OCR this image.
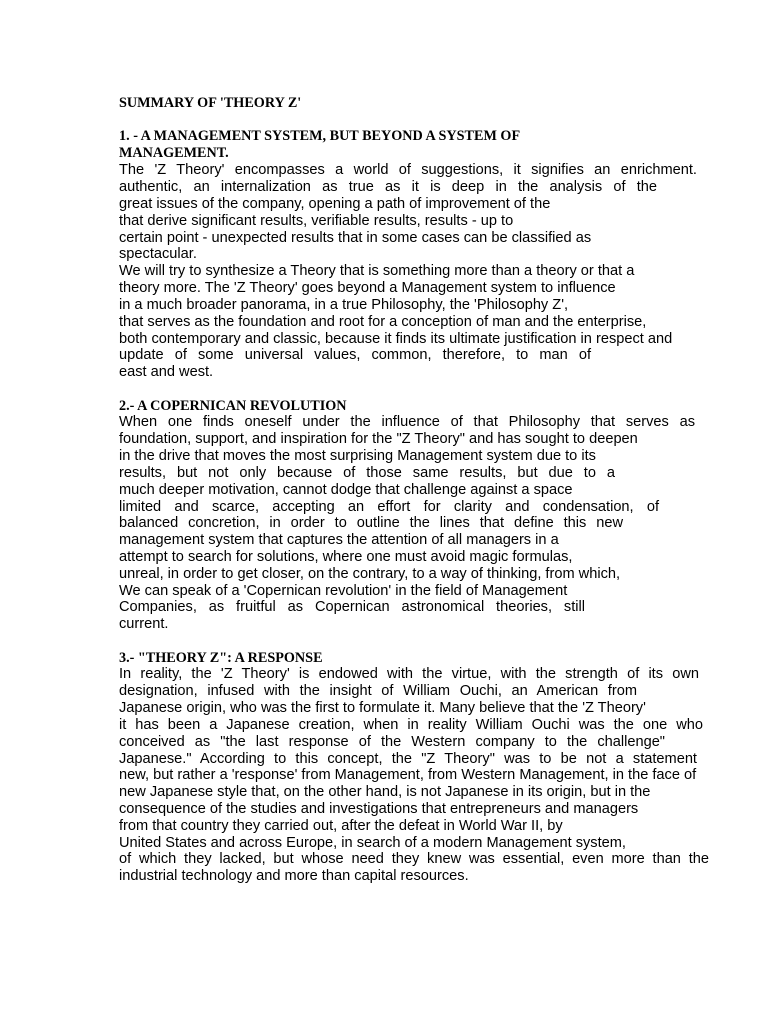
SUMMARY OF 'THEORY Z'
1. - A MANAGEMENT SYSTEM, BUT BEYOND A SYSTEM OF
MANAGEMENT.
The 'Z Theory' encompasses a world of suggestions, it signifies an enrichment.
authentic, an internalization as true as it is deep in the analysis of the
great issues of the company, opening a path of improvement of the
that derive significant results, verifiable results, results - up to
certain point - unexpected results that in some cases can be classified as
spectacular.
We will try to synthesize a Theory that is something more than a theory or that a
theory more. The 'Z Theory' goes beyond a Management system to influence
in a much broader panorama, in a true Philosophy, the 'Philosophy Z',
that serves as the foundation and root for a conception of man and the enterprise,
both contemporary and classic, because it finds its ultimate justification in respect and
update of some universal values, common, therefore, to man of
east and west.
2.- A COPERNICAN REVOLUTION
When one finds oneself under the influence of that Philosophy that serves as
foundation, support, and inspiration for the "Z Theory" and has sought to deepen
in the drive that moves the most surprising Management system due to its
results, but not only because of those same results, but due to a
much deeper motivation, cannot dodge that challenge against a space
limited and scarce, accepting an effort for clarity and condensation, of
balanced concretion, in order to outline the lines that define this new
management system that captures the attention of all managers in a
attempt to search for solutions, where one must avoid magic formulas,
unreal, in order to get closer, on the contrary, to a way of thinking, from which,
We can speak of a 'Copernican revolution' in the field of Management
Companies, as fruitful as Copernican astronomical theories, still
current.
3.- "THEORY Z": A RESPONSE
In reality, the 'Z Theory' is endowed with the virtue, with the strength of its own
designation, infused with the insight of William Ouchi, an American from
Japanese origin, who was the first to formulate it. Many believe that the 'Z Theory'
it has been a Japanese creation, when in reality William Ouchi was the one who
conceived as "the last response of the Western company to the challenge"
Japanese." According to this concept, the "Z Theory" was to be not a statement
new, but rather a 'response' from Management, from Western Management, in the face of
new Japanese style that, on the other hand, is not Japanese in its origin, but in the
consequence of the studies and investigations that entrepreneurs and managers
from that country they carried out, after the defeat in World War II, by
United States and across Europe, in search of a modern Management system,
of which they lacked, but whose need they knew was essential, even more than the
industrial technology and more than capital resources.
